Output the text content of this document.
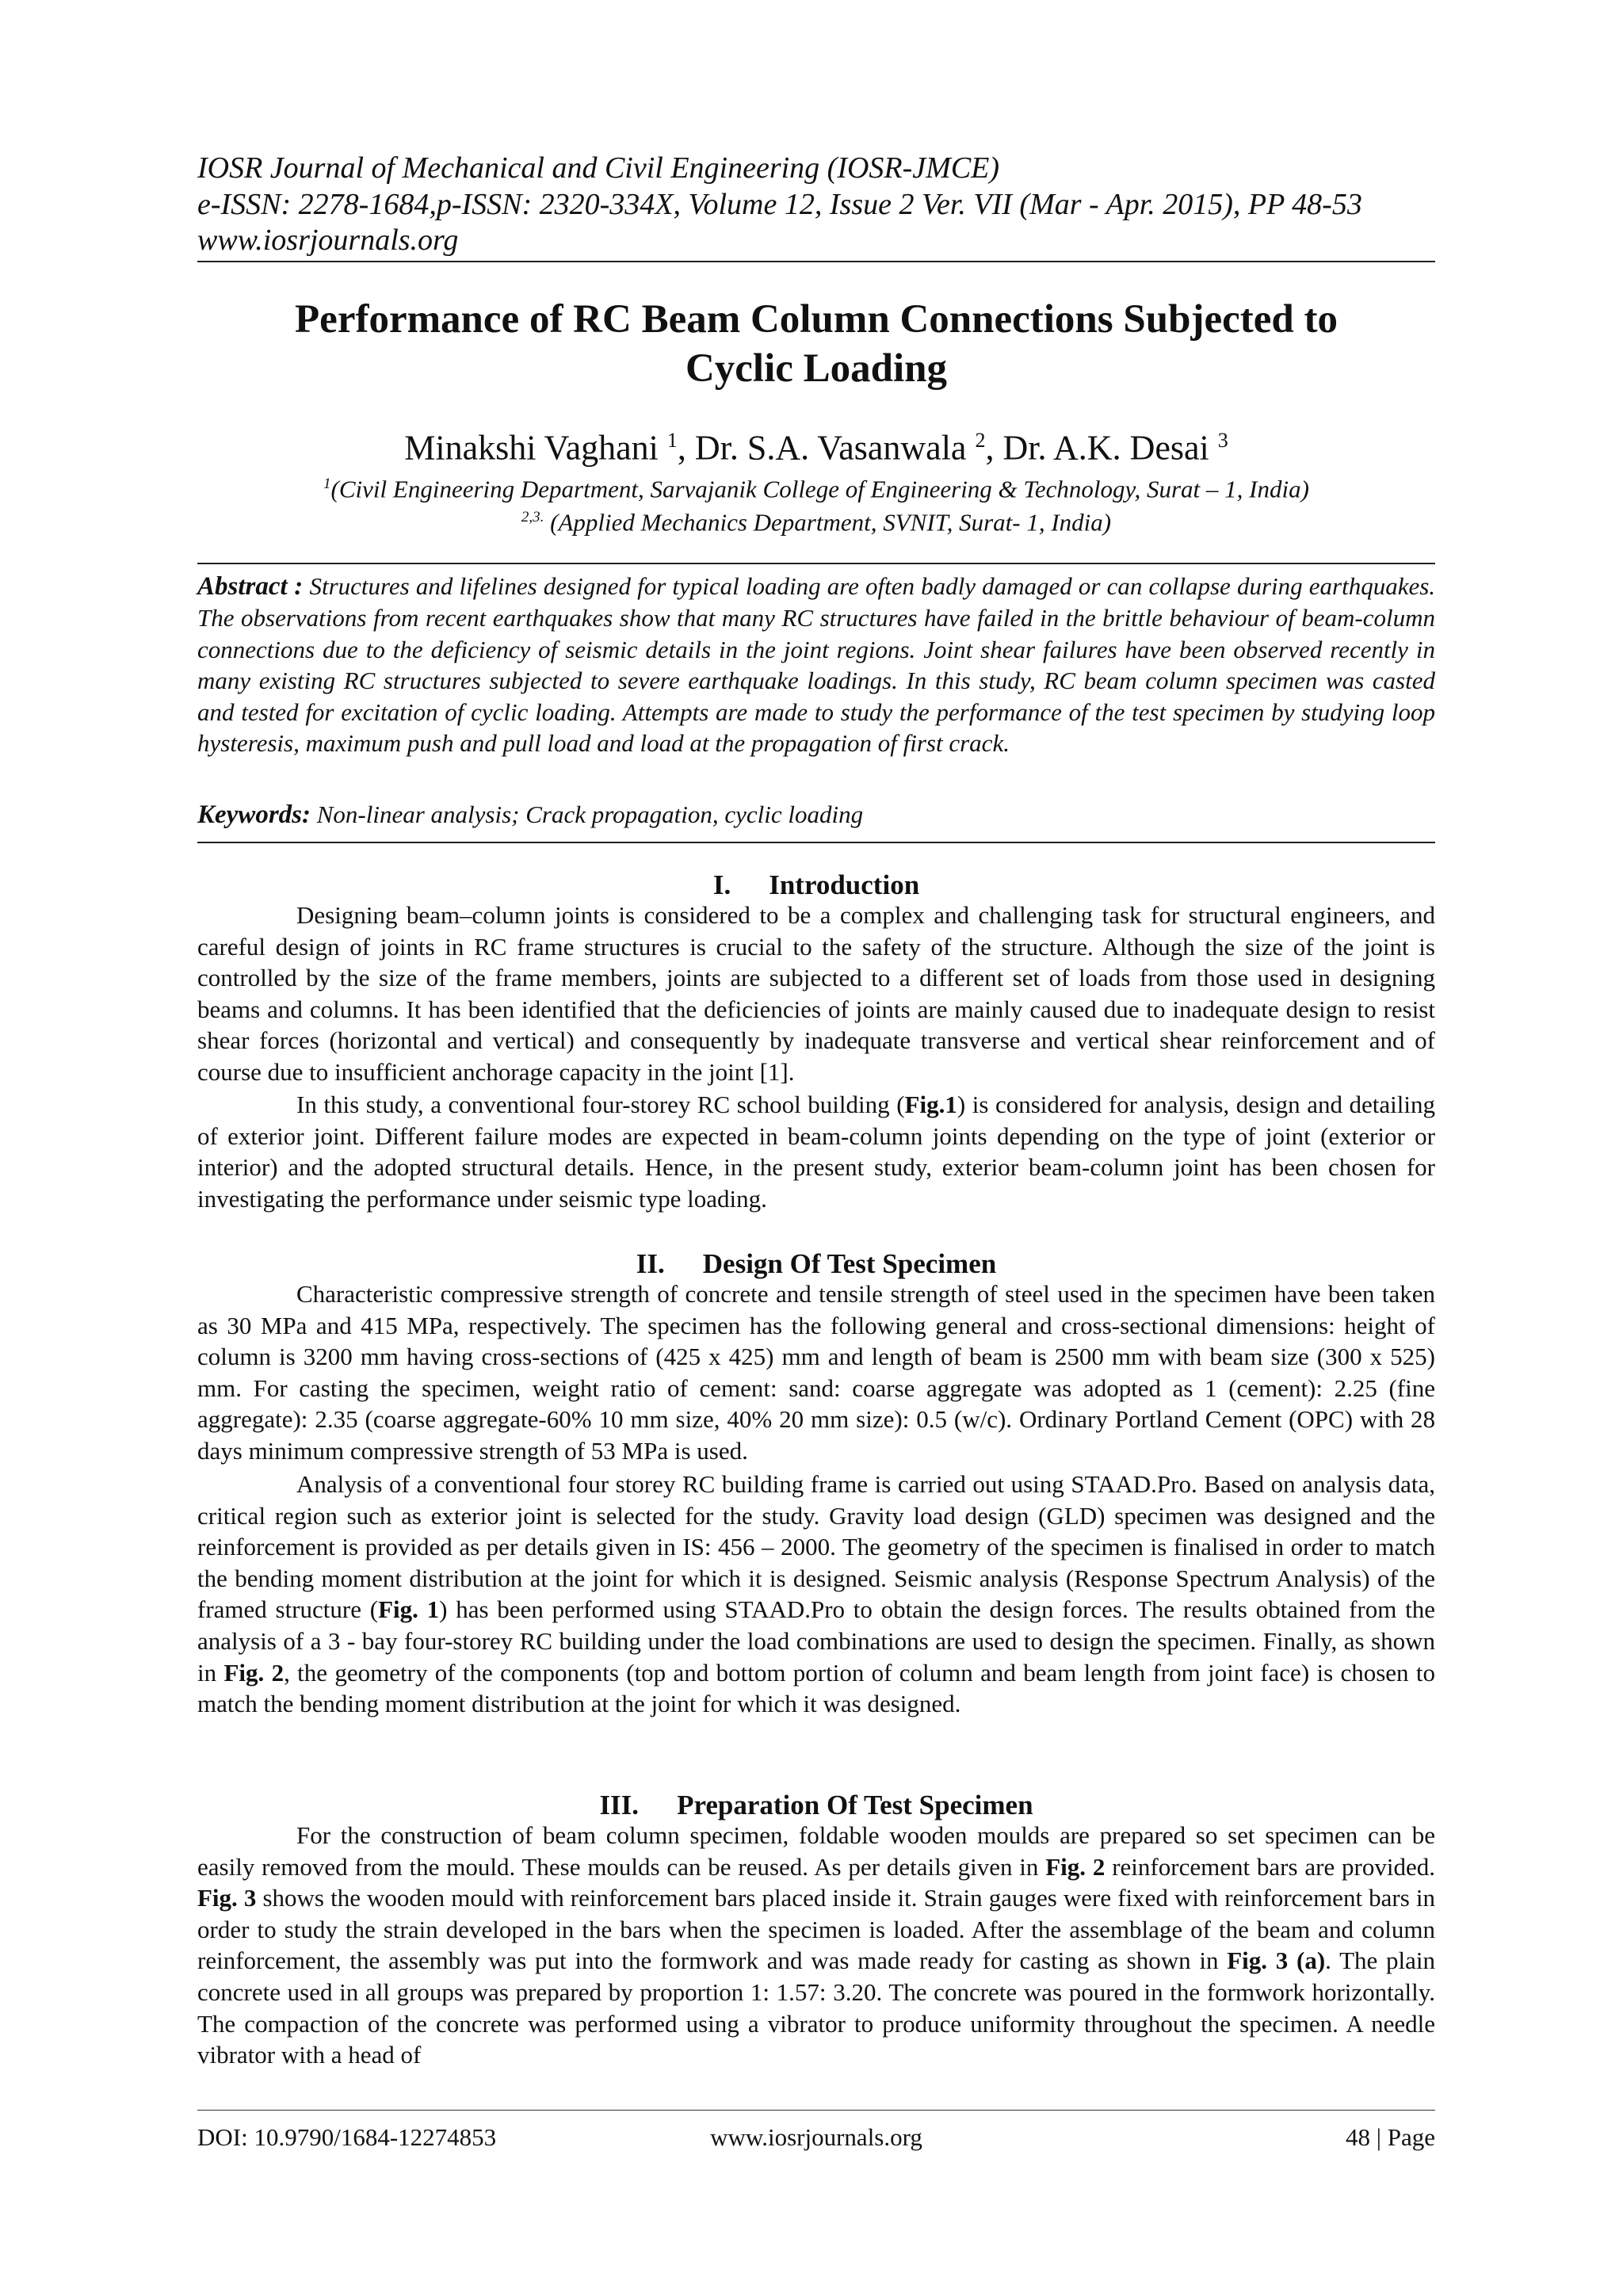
IOSR Journal of Mechanical and Civil Engineering (IOSR-JMCE)
e-ISSN: 2278-1684,p-ISSN: 2320-334X, Volume 12, Issue 2 Ver. VII (Mar - Apr. 2015), PP 48-53
www.iosrjournals.org
Performance of RC Beam Column Connections Subjected to
Cyclic Loading
Minakshi Vaghani $^1$, Dr. S.A. Vasanwala $^2$, Dr. A.K. Desai $^3$
$^1$(Civil Engineering Department, Sarvajanik College of Engineering & Technology, Surat – 1, India)
$^{2,3.}$ (Applied Mechanics Department, SVNIT, Surat- 1, India)
Abstract : Structures and lifelines designed for typical loading are often badly damaged or can collapse during earthquakes. The observations from recent earthquakes show that many RC structures have failed in the brittle behaviour of beam-column connections due to the deficiency of seismic details in the joint regions. Joint shear failures have been observed recently in many existing RC structures subjected to severe earthquake loadings. In this study, RC beam column specimen was casted and tested for excitation of cyclic loading. Attempts are made to study the performance of the test specimen by studying loop hysteresis, maximum push and pull load and load at the propagation of first crack.
Keywords: Non-linear analysis; Crack propagation, cyclic loading
I. Introduction

Designing beam–column joints is considered to be a complex and challenging task for structural engineers, and careful design of joints in RC frame structures is crucial to the safety of the structure. Although the size of the joint is controlled by the size of the frame members, joints are subjected to a different set of loads from those used in designing beams and columns. It has been identified that the deficiencies of joints are mainly caused due to inadequate design to resist shear forces (horizontal and vertical) and consequently by inadequate transverse and vertical shear reinforcement and of course due to insufficient anchorage capacity in the joint [1].

In this study, a conventional four-storey RC school building (Fig.1) is considered for analysis, design and detailing of exterior joint. Different failure modes are expected in beam-column joints depending on the type of joint (exterior or interior) and the adopted structural details. Hence, in the present study, exterior beam-column joint has been chosen for investigating the performance under seismic type loading.

II. Design Of Test Specimen

Characteristic compressive strength of concrete and tensile strength of steel used in the specimen have been taken as 30 MPa and 415 MPa, respectively. The specimen has the following general and cross-sectional dimensions: height of column is 3200 mm having cross-sections of (425 x 425) mm and length of beam is 2500 mm with beam size (300 x 525) mm. For casting the specimen, weight ratio of cement: sand: coarse aggregate was adopted as 1 (cement): 2.25 (fine aggregate): 2.35 (coarse aggregate-60% 10 mm size, 40% 20 mm size): 0.5 (w/c). Ordinary Portland Cement (OPC) with 28 days minimum compressive strength of 53 MPa is used.

Analysis of a conventional four storey RC building frame is carried out using STAAD.Pro. Based on analysis data, critical region such as exterior joint is selected for the study. Gravity load design (GLD) specimen was designed and the reinforcement is provided as per details given in IS: 456 – 2000. The geometry of the specimen is finalised in order to match the bending moment distribution at the joint for which it is designed. Seismic analysis (Response Spectrum Analysis) of the framed structure (Fig. 1) has been performed using STAAD.Pro to obtain the design forces. The results obtained from the analysis of a 3 - bay four-storey RC building under the load combinations are used to design the specimen. Finally, as shown in Fig. 2, the geometry of the components (top and bottom portion of column and beam length from joint face) is chosen to match the bending moment distribution at the joint for which it was designed.

III. Preparation Of Test Specimen

For the construction of beam column specimen, foldable wooden moulds are prepared so set specimen can be easily removed from the mould. These moulds can be reused. As per details given in Fig. 2 reinforcement bars are provided. Fig. 3 shows the wooden mould with reinforcement bars placed inside it. Strain gauges were fixed with reinforcement bars in order to study the strain developed in the bars when the specimen is loaded. After the assemblage of the beam and column reinforcement, the assembly was put into the formwork and was made ready for casting as shown in Fig. 3 (a). The plain concrete used in all groups was prepared by proportion 1: 1.57: 3.20. The concrete was poured in the formwork horizontally. The compaction of the concrete was performed using a vibrator to produce uniformity throughout the specimen. A needle vibrator with a head of

DOI: 10.9790/1684-12274853	www.iosrjournals.org	48 | Page
